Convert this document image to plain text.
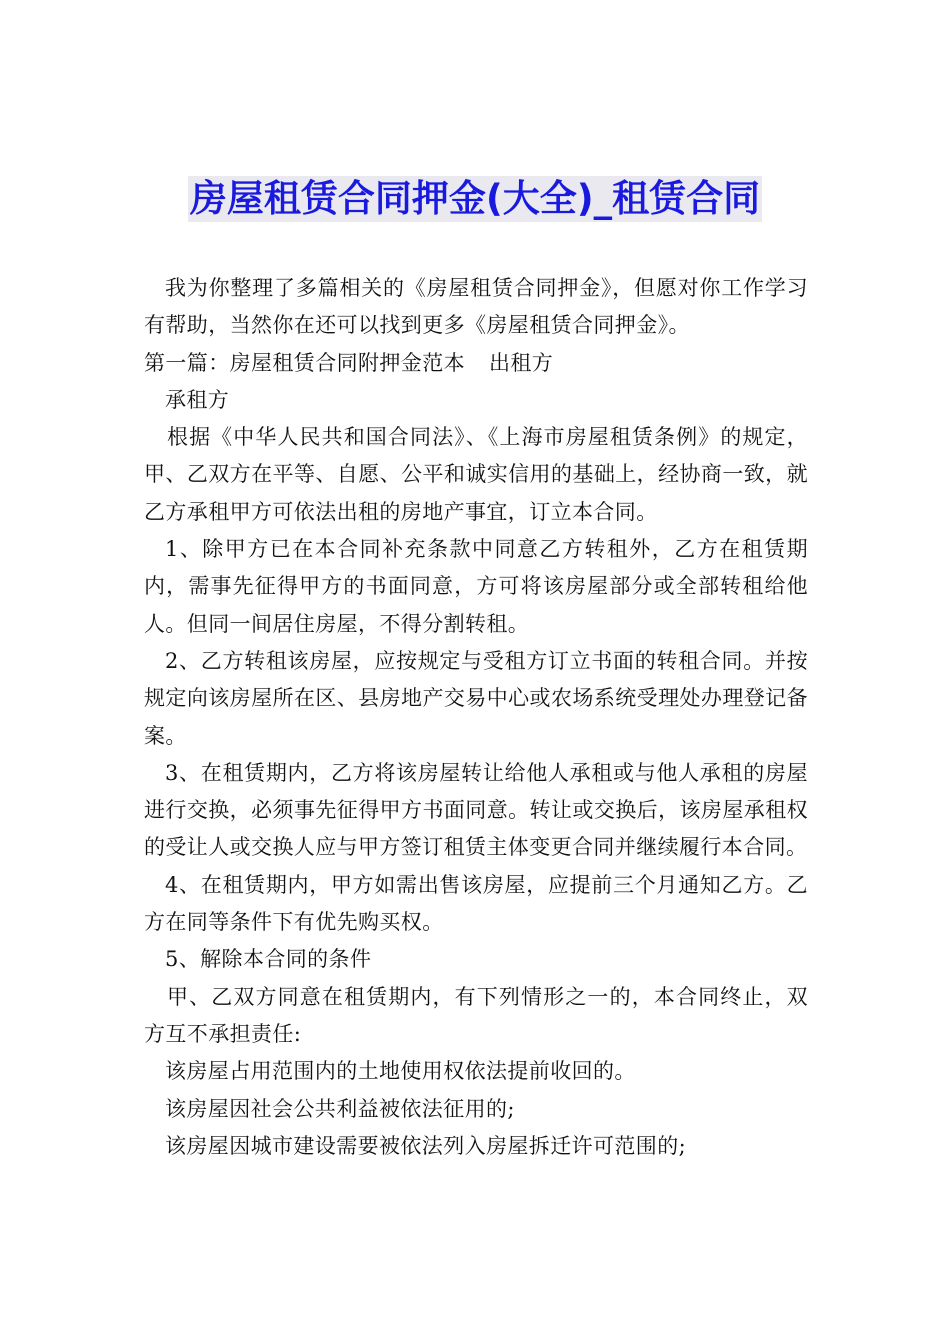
房屋租赁合同押金(大全)_租赁合同

我为你整理了多篇相关的《房屋租赁合同押金》，但愿对你工作学习有帮助，当然你在还可以找到更多《房屋租赁合同押金》。

第一篇：房屋租赁合同附押金范本 出租方

承租方

根据《中华人民共和国合同法》、《上海市房屋租赁条例》的规定，甲、乙双方在平等、自愿、公平和诚实信用的基础上，经协商一致，就乙方承租甲方可依法出租的房地产事宜，订立本合同。

1、除甲方已在本合同补充条款中同意乙方转租外，乙方在租赁期内，需事先征得甲方的书面同意，方可将该房屋部分或全部转租给他人。但同一间居住房屋，不得分割转租。

2、乙方转租该房屋，应按规定与受租方订立书面的转租合同。并按规定向该房屋所在区、县房地产交易中心或农场系统受理处办理登记备案。

3、在租赁期内，乙方将该房屋转让给他人承租或与他人承租的房屋进行交换，必须事先征得甲方书面同意。转让或交换后，该房屋承租权的受让人或交换人应与甲方签订租赁主体变更合同并继续履行本合同。

4、在租赁期内，甲方如需出售该房屋，应提前三个月通知乙方。乙方在同等条件下有优先购买权。

5、解除本合同的条件

甲、乙双方同意在租赁期内，有下列情形之一的，本合同终止，双方互不承担责任:

该房屋占用范围内的土地使用权依法提前收回的。

该房屋因社会公共利益被依法征用的;

该房屋因城市建设需要被依法列入房屋拆迁许可范围的;
